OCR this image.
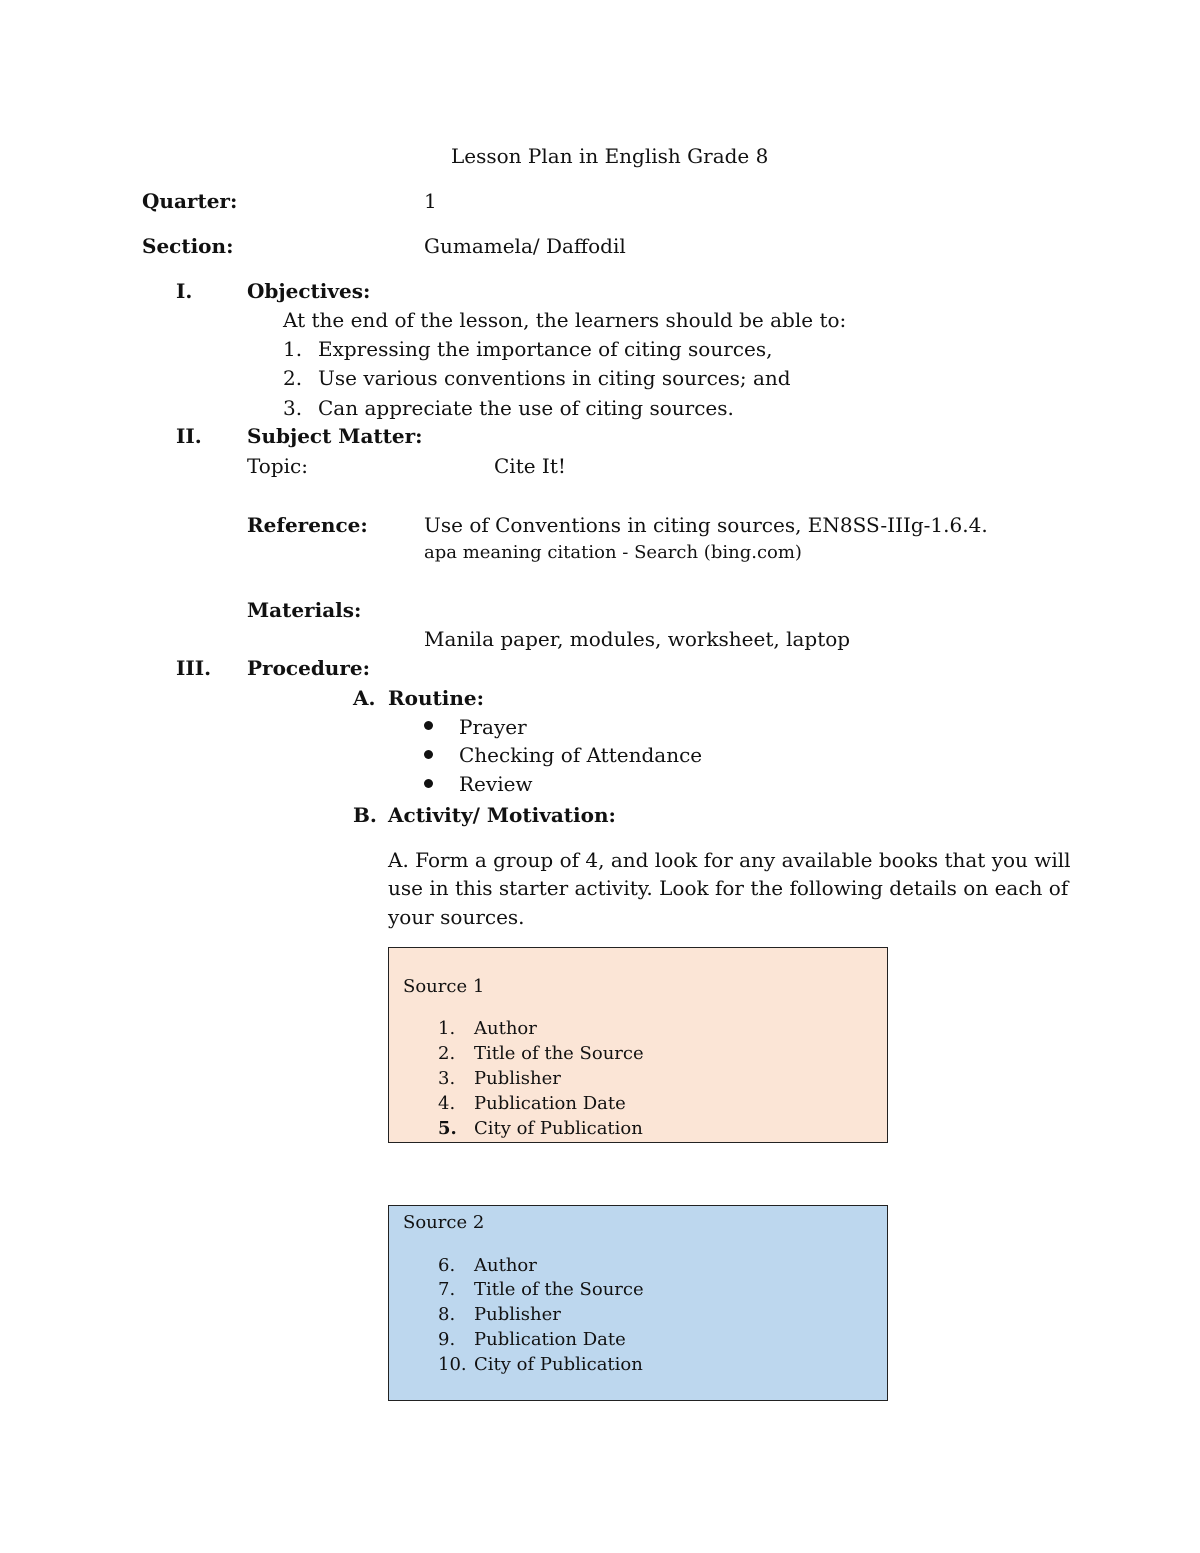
Lesson Plan in English Grade 8
Quarter:	1
Section:	Gumamela/ Daffodil
I.	Objectives:
At the end of the lesson, the learners should be able to:
1. Expressing the importance of citing sources,
2. Use various conventions in citing sources; and
3. Can appreciate the use of citing sources.
II. Subject Matter:
Topic:	Cite It!
Reference:	Use of Conventions in citing sources, EN8SS-IIIg-1.6.4.
apa meaning citation - Search (bing.com)
Materials:
Manila paper, modules, worksheet, laptop
III. Procedure:
A. Routine:
Prayer
Checking of Attendance
Review
B. Activity/ Motivation:
A. Form a group of 4, and look for any available books that you will
use in this starter activity. Look for the following details on each of
your sources.
Source 1
1. Author
2. Title of the Source
3. Publisher
4. Publication Date
5. City of Publication
Source 2
6. Author
7. Title of the Source
8. Publisher
9. Publication Date
10. City of Publication
